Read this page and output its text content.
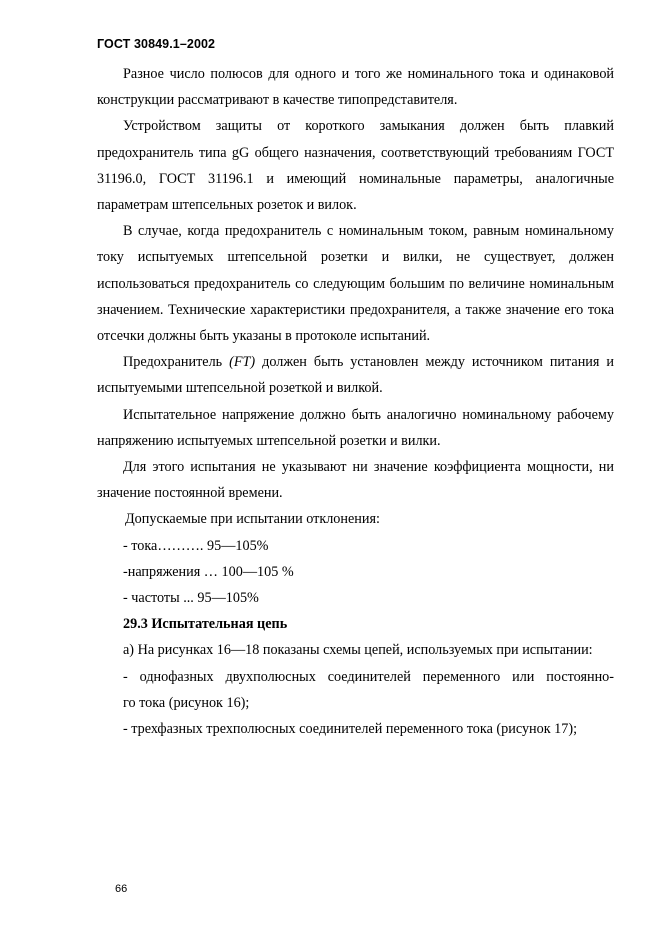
ГОСТ 30849.1–2002

Разное число полюсов для одного и того же номинального тока и одинаковой конструкции рассматривают в качестве типопредставителя.

Устройством защиты от короткого замыкания должен быть плавкий предохранитель типа gG общего назначения, соответствующий требованиям ГОСТ 31196.0, ГОСТ 31196.1 и имеющий номинальные параметры, аналогичные параметрам штепсельных розеток и вилок.

В случае, когда предохранитель с номинальным током, равным номинальному току испытуемых штепсельной розетки и вилки, не существует, должен использоваться предохранитель со следующим большим по величине номинальным значением. Технические характеристики предохранителя, а также значение его тока отсечки должны быть указаны в протоколе испытаний.

Предохранитель (FT) должен быть установлен между источником питания и испытуемыми штепсельной розеткой и вилкой.

Испытательное напряжение должно быть аналогично номинальному рабочему напряжению испытуемых штепсельной розетки и вилки.

Для этого испытания не указывают ни значение коэффициента мощности, ни значение постоянной времени.

Допускаемые при испытании отклонения:

- тока………. 95—105%

-напряжения … 100—105 %

- частоты ... 95—105%

29.3 Испытательная цепь

а) На рисунках 16—18 показаны схемы цепей, используемых при испытании:

- однофазных двухполюсных соединителей переменного или постоянно-

го тока (рисунок 16);

- трехфазных трехполюсных соединителей переменного тока (рисунок 17);

66
